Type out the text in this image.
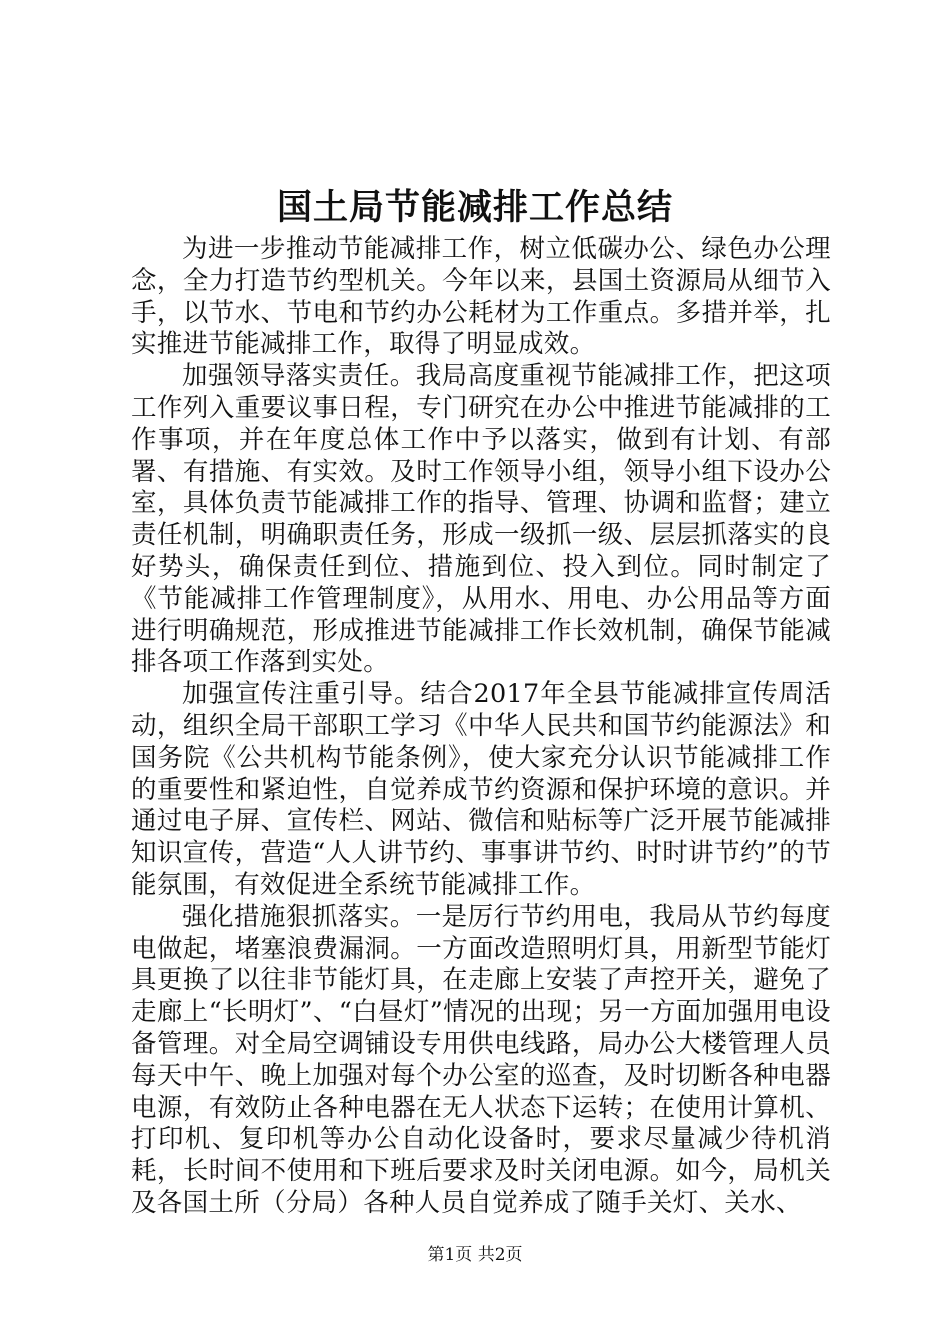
国土局节能减排工作总结

为进一步推动节能减排工作，树立低碳办公、绿色办公理念，全力打造节约型机关。今年以来，县国土资源局从细节入手，以节水、节电和节约办公耗材为工作重点。多措并举，扎实推进节能减排工作，取得了明显成效。

加强领导落实责任。我局高度重视节能减排工作，把这项工作列入重要议事日程，专门研究在办公中推进节能减排的工作事项，并在年度总体工作中予以落实，做到有计划、有部署、有措施、有实效。及时工作领导小组，领导小组下设办公室，具体负责节能减排工作的指导、管理、协调和监督；建立责任机制，明确职责任务，形成一级抓一级、层层抓落实的良好势头，确保责任到位、措施到位、投入到位。同时制定了《节能减排工作管理制度》，从用水、用电、办公用品等方面进行明确规范，形成推进节能减排工作长效机制，确保节能减排各项工作落到实处。

加强宣传注重引导。结合2017年全县节能减排宣传周活动，组织全局干部职工学习《中华人民共和国节约能源法》和国务院《公共机构节能条例》，使大家充分认识节能减排工作的重要性和紧迫性，自觉养成节约资源和保护环境的意识。并通过电子屏、宣传栏、网站、微信和贴标等广泛开展节能减排知识宣传，营造“人人讲节约、事事讲节约、时时讲节约”的节能氛围，有效促进全系统节能减排工作。

强化措施狠抓落实。一是厉行节约用电，我局从节约每度电做起，堵塞浪费漏洞。一方面改造照明灯具，用新型节能灯具更换了以往非节能灯具，在走廊上安装了声控开关，避免了走廊上“长明灯”、“白昼灯”情况的出现；另一方面加强用电设备管理。对全局空调铺设专用供电线路，局办公大楼管理人员每天中午、晚上加强对每个办公室的巡查，及时切断各种电器电源，有效防止各种电器在无人状态下运转；在使用计算机、打印机、复印机等办公自动化设备时，要求尽量减少待机消耗，长时间不使用和下班后要求及时关闭电源。如今，局机关及各国土所（分局）各种人员自觉养成了随手关灯、关水、

第1页 共2页
